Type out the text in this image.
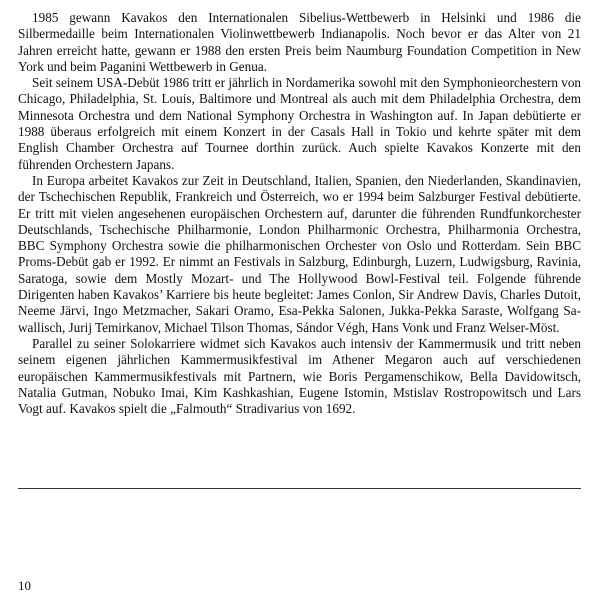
1985 gewann Kavakos den Internationalen Sibelius-Wettbewerb in Helsinki und 1986 die Silbermedaille beim Internationalen Violinwettbewerb Indianapolis. Noch bevor er das Alter von 21 Jahren erreicht hatte, gewann er 1988 den ersten Preis beim Naumburg Foundation Competition in New York und beim Paganini Wettbewerb in Genua.

Seit seinem USA-Debüt 1986 tritt er jährlich in Nordamerika sowohl mit den Symphonieorchestern von Chicago, Philadelphia, St. Louis, Baltimore und Montreal als auch mit dem Philadelphia Orchestra, dem Minnesota Orchestra und dem National Symphony Orchestra in Washington auf. In Japan debütierte er 1988 überaus erfolgreich mit einem Konzert in der Casals Hall in Tokio und kehrte später mit dem English Chamber Orchestra auf Tournee dorthin zurück. Auch spielte Kavakos Konzerte mit den führenden Orchestern Japans.

In Europa arbeitet Kavakos zur Zeit in Deutschland, Italien, Spanien, den Niederlanden, Skandinavien, der Tschechischen Republik, Frankreich und Österreich, wo er 1994 beim Salzburger Festival debütierte. Er tritt mit vielen angesehenen europäischen Orchestern auf, darunter die führenden Rundfunkorchester Deutschlands, Tschechische Philharmonie, London Philharmonic Orchestra, Philharmonia Orchestra, BBC Symphony Orchestra sowie die philharmonischen Orchester von Oslo und Rotterdam. Sein BBC Proms-Debüt gab er 1992. Er nimmt an Festivals in Salzburg, Edinburgh, Luzern, Ludwigsburg, Ravinia, Saratoga, sowie dem Mostly Mozart- und The Hollywood Bowl-Festival teil. Folgende führende Dirigenten haben Kavakos’ Karriere bis heute begleitet: James Conlon, Sir Andrew Davis, Charles Dutoit, Neeme Järvi, Ingo Metzmacher, Sakari Oramo, Esa-Pekka Salonen, Jukka-Pekka Saraste, Wolfgang Sawallisch, Jurij Temirkanov, Michael Tilson Thomas, Sándor Végh, Hans Vonk und Franz Welser-Möst.

Parallel zu seiner Solokarriere widmet sich Kavakos auch intensiv der Kammermusik und tritt neben seinem eigenen jährlichen Kammermusikfestival im Athener Megaron auch auf verschiedenen europäischen Kammermusikfestivals mit Partnern, wie Boris Pergamenschikow, Bella Davidowitsch, Natalia Gutman, Nobuko Imai, Kim Kashkashian, Eugene Istomin, Mstislav Rostropowitsch und Lars Vogt auf. Kavakos spielt die „Falmouth“ Stradivarius von 1692.

10
